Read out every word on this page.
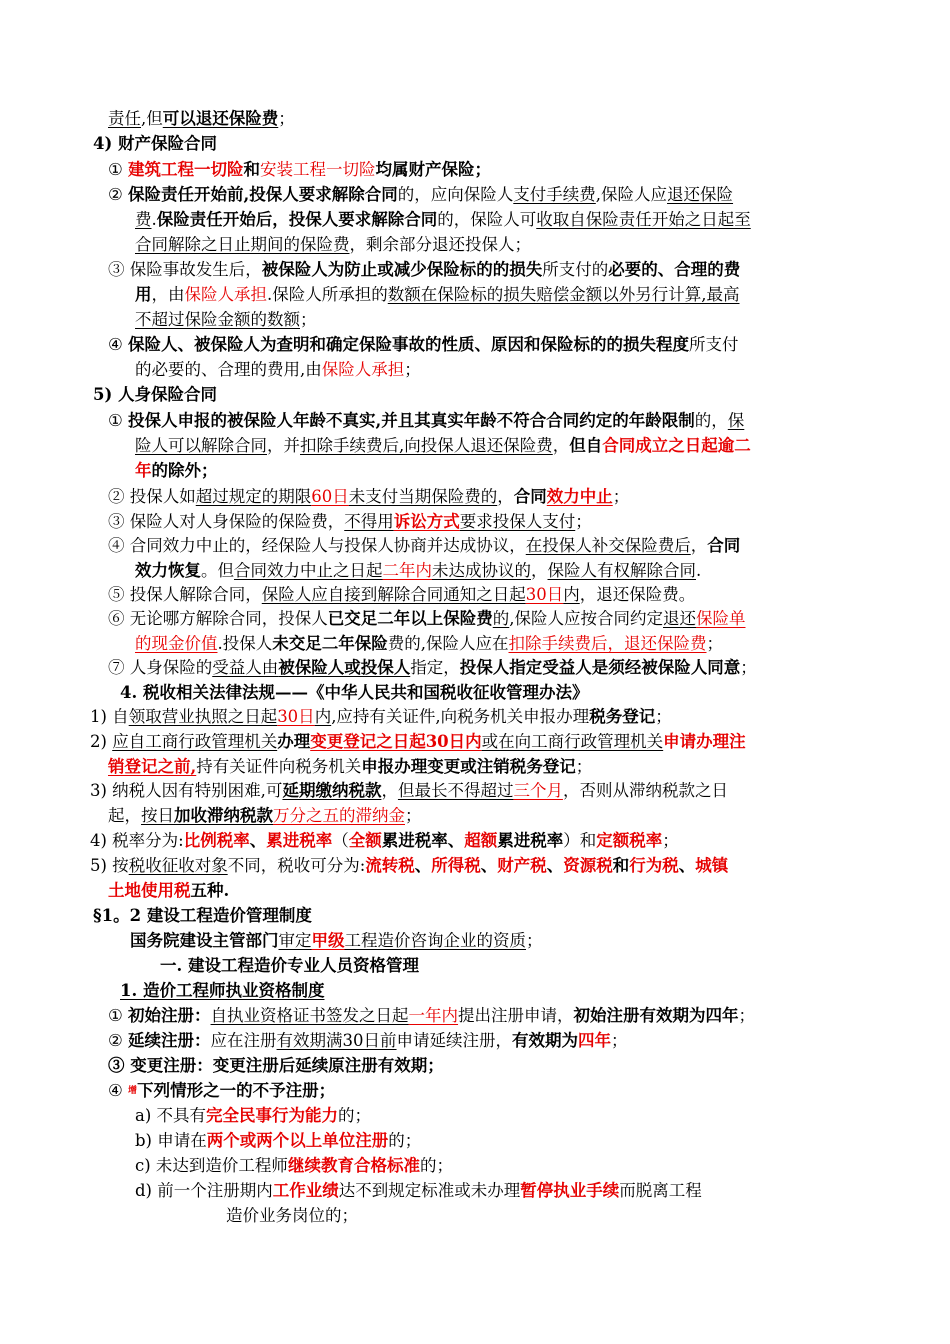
责任,但可以退还保险费；
4) 财产保险合同
① 建筑工程一切险和安装工程一切险均属财产保险；
② 保险责任开始前,投保人要求解除合同的，应向保险人支付手续费,保险人应退还保险
费.保险责任开始后，投保人要求解除合同的，保险人可收取自保险责任开始之日起至
合同解除之日止期间的保险费，剩余部分退还投保人；
③ 保险事故发生后，被保险人为防止或减少保险标的的损失所支付的必要的、合理的费
用，由保险人承担.保险人所承担的数额在保险标的损失赔偿金额以外另行计算,最高
不超过保险金额的数额；
④ 保险人、被保险人为查明和确定保险事故的性质、原因和保险标的的损失程度所支付
的必要的、合理的费用,由保险人承担；
5) 人身保险合同
① 投保人申报的被保险人年龄不真实,并且其真实年龄不符合合同约定的年龄限制的，保
险人可以解除合同，并扣除手续费后,向投保人退还保险费，但自合同成立之日起逾二
年的除外；
② 投保人如超过规定的期限60日未支付当期保险费的，合同效力中止；
③ 保险人对人身保险的保险费，不得用诉讼方式要求投保人支付；
④ 合同效力中止的，经保险人与投保人协商并达成协议，在投保人补交保险费后，合同
效力恢复。但合同效力中止之日起二年内未达成协议的，保险人有权解除合同.
⑤ 投保人解除合同，保险人应自接到解除合同通知之日起30日内，退还保险费。
⑥ 无论哪方解除合同，投保人已交足二年以上保险费的,保险人应按合同约定退还保险单
的现金价值.投保人未交足二年保险费的,保险人应在扣除手续费后，退还保险费；
⑦ 人身保险的受益人由被保险人或投保人指定，投保人指定受益人是须经被保险人同意；
4. 税收相关法律法规——《中华人民共和国税收征收管理办法》
1) 自领取营业执照之日起30日内,应持有关证件,向税务机关申报办理税务登记；
2) 应自工商行政管理机关办理变更登记之日起30日内或在向工商行政管理机关申请办理注
销登记之前,持有关证件向税务机关申报办理变更或注销税务登记；
3) 纳税人因有特别困难,可延期缴纳税款，但最长不得超过三个月，否则从滞纳税款之日
起，按日加收滞纳税款万分之五的滞纳金；
4) 税率分为:比例税率、累进税率（全额累进税率、超额累进税率）和定额税率；
5) 按税收征收对象不同，税收可分为:流转税、所得税、财产税、资源税和行为税、城镇
土地使用税五种.
§1。2 建设工程造价管理制度
国务院建设主管部门审定甲级工程造价咨询企业的资质；
一. 建设工程造价专业人员资格管理
1. 造价工程师执业资格制度
① 初始注册：自执业资格证书签发之日起一年内提出注册申请，初始注册有效期为四年；
② 延续注册：应在注册有效期满30日前申请延续注册，有效期为四年；
③ 变更注册：变更注册后延续原注册有效期；
④ $^增$下列情形之一的不予注册；
a) 不具有完全民事行为能力的；
b) 申请在两个或两个以上单位注册的；
c) 未达到造价工程师继续教育合格标准的；
d) 前一个注册期内工作业绩达不到规定标准或未办理暂停执业手续而脱离工程
造价业务岗位的；
